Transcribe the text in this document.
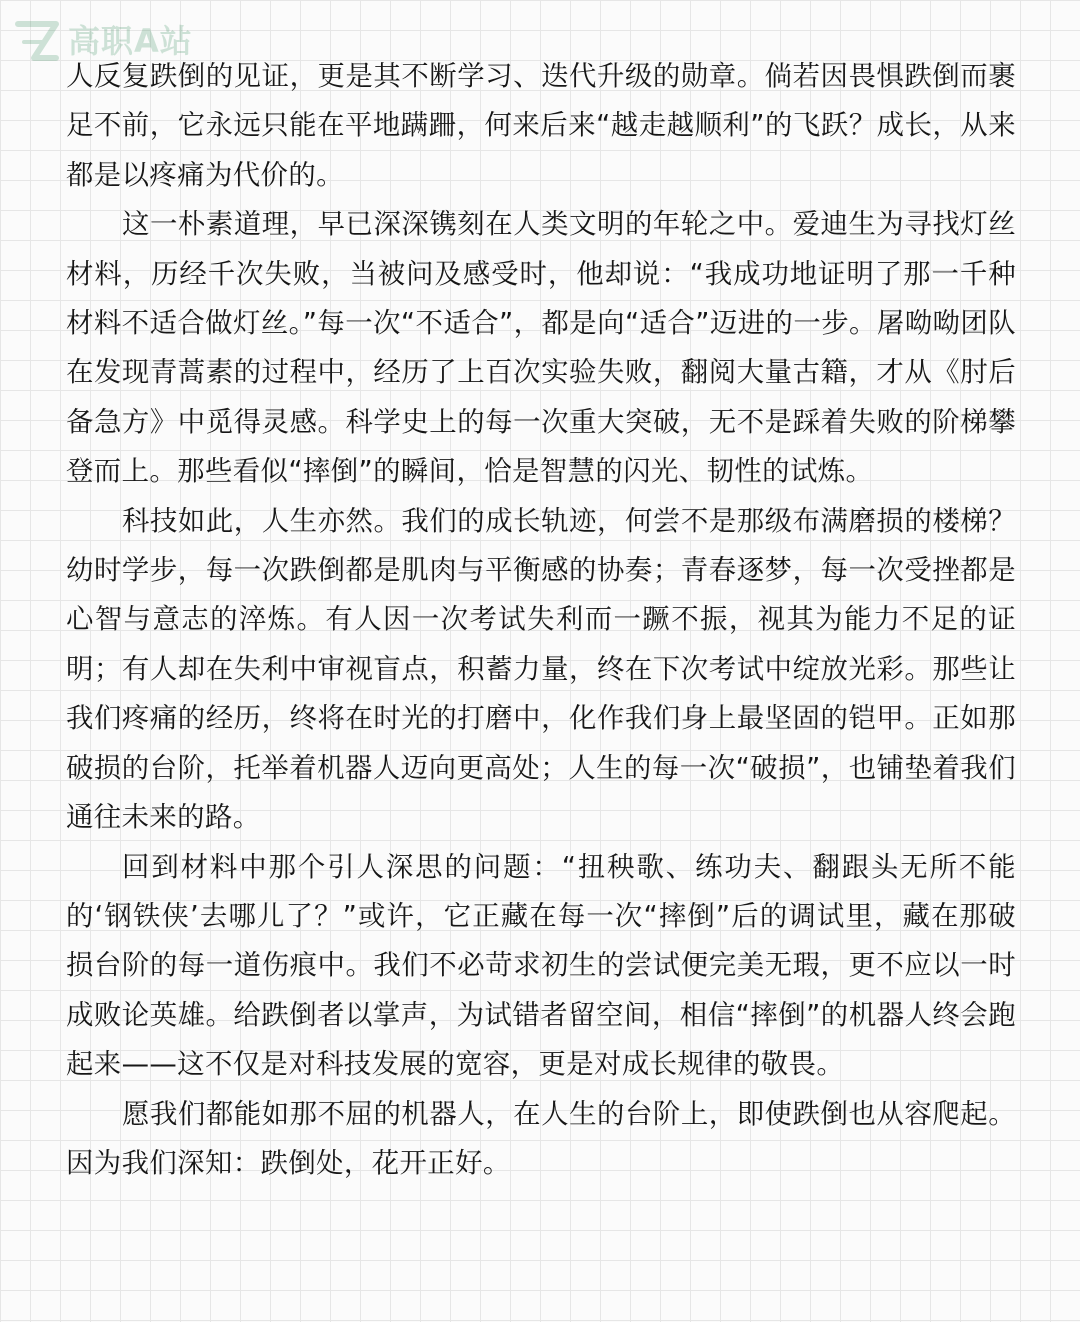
高职A站

人反复跌倒的见证，更是其不断学习、迭代升级的勋章。倘若因畏惧跌倒而裹足不前，它永远只能在平地蹒跚，何来后来“越走越顺利”的飞跃？成长，从来都是以疼痛为代价的。

这一朴素道理，早已深深镌刻在人类文明的年轮之中。爱迪生为寻找灯丝材料，历经千次失败，当被问及感受时，他却说：“我成功地证明了那一千种材料不适合做灯丝。”每一次“不适合”，都是向“适合”迈进的一步。屠呦呦团队在发现青蒿素的过程中，经历了上百次实验失败，翻阅大量古籍，才从《肘后备急方》中觅得灵感。科学史上的每一次重大突破，无不是踩着失败的阶梯攀登而上。那些看似“摔倒”的瞬间，恰是智慧的闪光、韧性的试炼。

科技如此，人生亦然。我们的成长轨迹，何尝不是那级布满磨损的楼梯？幼时学步，每一次跌倒都是肌肉与平衡感的协奏；青春逐梦，每一次受挫都是心智与意志的淬炼。有人因一次考试失利而一蹶不振，视其为能力不足的证明；有人却在失利中审视盲点，积蓄力量，终在下次考试中绽放光彩。那些让我们疼痛的经历，终将在时光的打磨中，化作我们身上最坚固的铠甲。正如那破损的台阶，托举着机器人迈向更高处；人生的每一次“破损”，也铺垫着我们通往未来的路。

回到材料中那个引人深思的问题：“扭秧歌、练功夫、翻跟头无所不能的‘钢铁侠’去哪儿了？”或许，它正藏在每一次“摔倒”后的调试里，藏在那破损台阶的每一道伤痕中。我们不必苛求初生的尝试便完美无瑕，更不应以一时成败论英雄。给跌倒者以掌声，为试错者留空间，相信“摔倒”的机器人终会跑起来——这不仅是对科技发展的宽容，更是对成长规律的敬畏。

愿我们都能如那不屈的机器人，在人生的台阶上，即使跌倒也从容爬起。因为我们深知：跌倒处，花开正好。
